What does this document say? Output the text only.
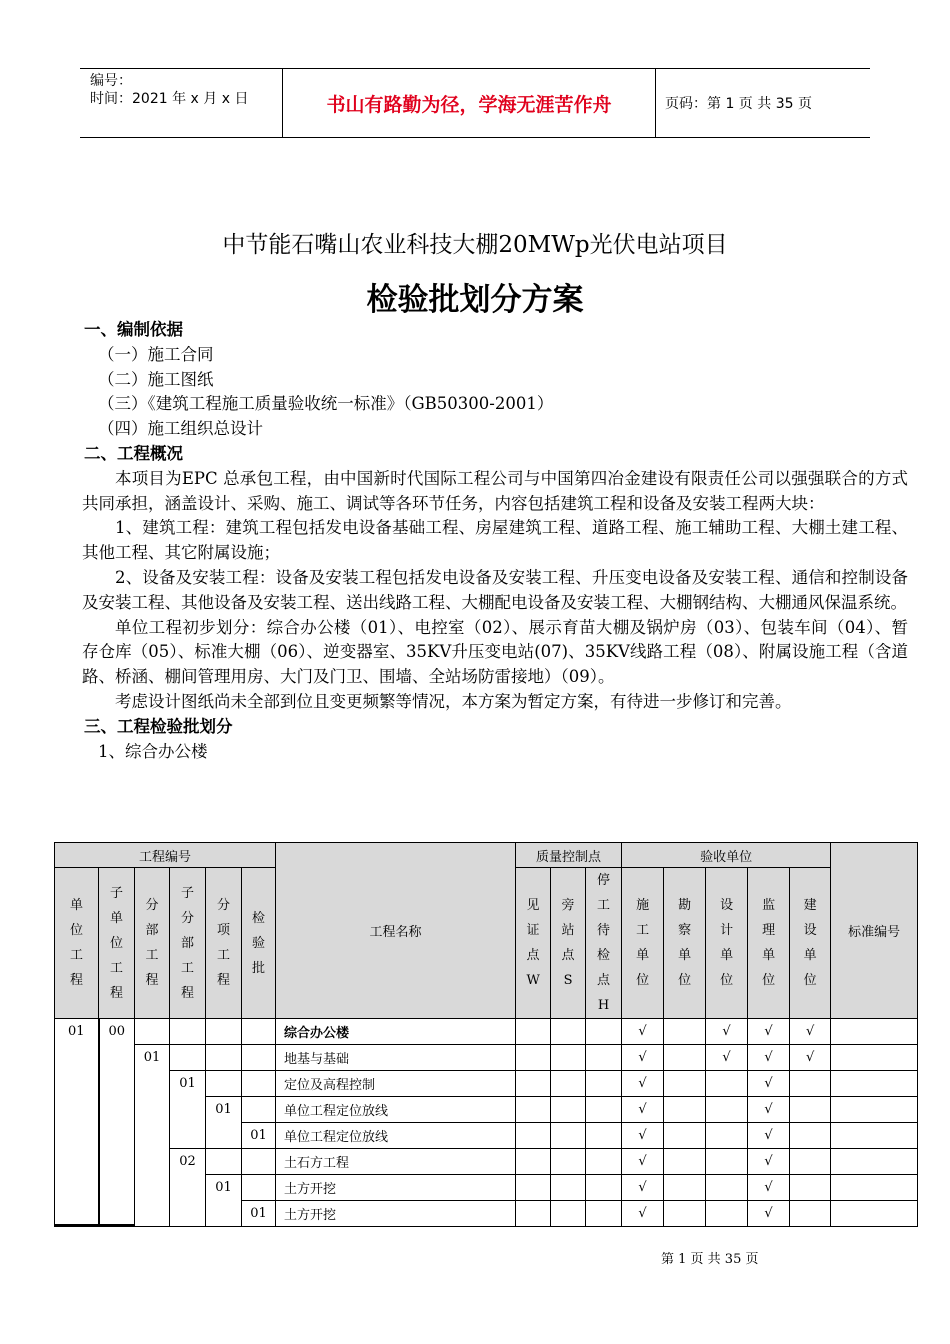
编号：
时间：2021 年 x 月 x 日	书山有路勤为径，学海无涯苦作舟	页码：第 1 页 共 35 页
中节能石嘴山农业科技大棚20MWp光伏电站项目
检验批划分方案

一、编制依据

（一）施工合同

（二）施工图纸

（三）《建筑工程施工质量验收统一标准》（GB50300-2001）

（四）施工组织总设计

二、工程概况

本项目为EPC 总承包工程，由中国新时代国际工程公司与中国第四冶金建设有限责任公司以强强联合的方式共同承担，涵盖设计、采购、施工、调试等各环节任务，内容包括建筑工程和设备及安装工程两大块：

1、建筑工程：建筑工程包括发电设备基础工程、房屋建筑工程、道路工程、施工辅助工程、大棚土建工程、其他工程、其它附属设施；

2、设备及安装工程：设备及安装工程包括发电设备及安装工程、升压变电设备及安装工程、通信和控制设备及安装工程、其他设备及安装工程、送出线路工程、大棚配电设备及安装工程、大棚钢结构、大棚通风保温系统。

单位工程初步划分：综合办公楼（01）、电控室（02）、展示育苗大棚及锅炉房（03）、包装车间（04）、暂存仓库（05）、标准大棚（06）、逆变器室、35KV升压变电站(07)、35KV线路工程（08）、附属设施工程（含道路、桥涵、棚间管理用房、大门及门卫、围墙、全站场防雷接地）（09）。

考虑设计图纸尚未全部到位且变更频繁等情况，本方案为暂定方案，有待进一步修订和完善。

三、工程检验批划分

1、综合办公楼

工程编号						工程名称	质量控制点			验收单位					标准编号
单位工程	子单位工程	分部工程	子分部工程	分项工程	检验批		见证点W	旁站点S	停工待检点H	施工单位	勘察单位	设计单位	监理单位	建设单位	
01	00					综合办公楼				√		√	√	√	
		01				地基与基础				√		√	√	√	
			01			定位及高程控制				√			√		
				01		单位工程定位放线				√			√		
					01	单位工程定位放线				√			√		
			02			土石方工程				√			√		
				01		土方开挖				√			√		
					01	土方开挖				√			√		
第 1 页 共 35 页
